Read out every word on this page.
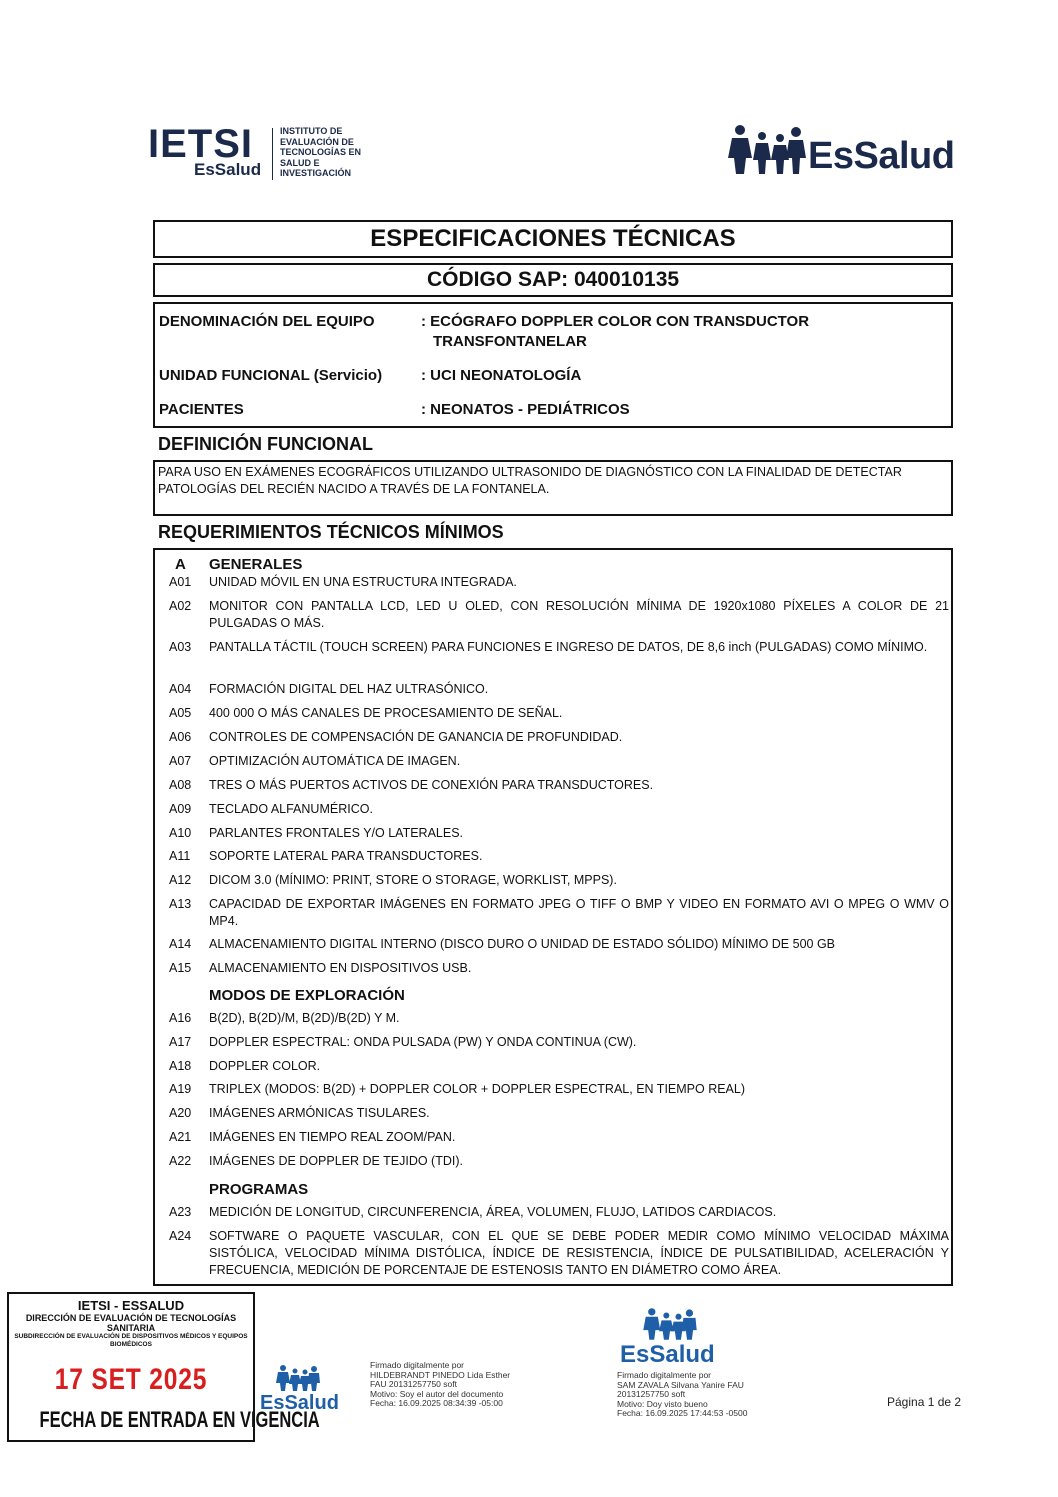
IETSI
EsSalud
INSTITUTO DE
EVALUACIÓN DE
TECNOLOGÍAS EN
SALUD E
INVESTIGACIÓN	EsSalud
ESPECIFICACIONES TÉCNICAS
CÓDIGO SAP: 040010135
DENOMINACIÓN DEL EQUIPO	: ECÓGRAFO DOPPLER COLOR CON TRANSDUCTOR
TRANSFONTANELAR
UNIDAD FUNCIONAL (Servicio)	: UCI NEONATOLOGÍA
PACIENTES	: NEONATOS - PEDIÁTRICOS
DEFINICIÓN FUNCIONAL
PARA USO EN EXÁMENES ECOGRÁFICOS UTILIZANDO ULTRASONIDO DE DIAGNÓSTICO CON LA FINALIDAD DE DETECTAR PATOLOGÍAS DEL RECIÉN NACIDO A TRAVÉS DE LA FONTANELA.
REQUERIMIENTOS TÉCNICOS MÍNIMOS
A GENERALES
A01	UNIDAD MÓVIL EN UNA ESTRUCTURA INTEGRADA.
A02	MONITOR CON PANTALLA LCD, LED U OLED, CON RESOLUCIÓN MÍNIMA DE 1920x1080 PÍXELES A COLOR DE 21 PULGADAS O MÁS.
A03	PANTALLA TÁCTIL (TOUCH SCREEN) PARA FUNCIONES E INGRESO DE DATOS, DE 8,6 inch (PULGADAS) COMO MÍNIMO.
A04	FORMACIÓN DIGITAL DEL HAZ ULTRASÓNICO.
A05	400 000 O MÁS CANALES DE PROCESAMIENTO DE SEÑAL.
A06	CONTROLES DE COMPENSACIÓN DE GANANCIA DE PROFUNDIDAD.
A07	OPTIMIZACIÓN AUTOMÁTICA DE IMAGEN.
A08	TRES O MÁS PUERTOS ACTIVOS DE CONEXIÓN PARA TRANSDUCTORES.
A09	TECLADO ALFANUMÉRICO.
A10	PARLANTES FRONTALES Y/O LATERALES.
A11	SOPORTE LATERAL PARA TRANSDUCTORES.
A12	DICOM 3.0 (MÍNIMO: PRINT, STORE O STORAGE, WORKLIST, MPPS).
A13	CAPACIDAD DE EXPORTAR IMÁGENES EN FORMATO JPEG O TIFF O BMP Y VIDEO EN FORMATO AVI O MPEG O WMV O MP4.
A14	ALMACENAMIENTO DIGITAL INTERNO (DISCO DURO O UNIDAD DE ESTADO SÓLIDO) MÍNIMO DE 500 GB
A15	ALMACENAMIENTO EN DISPOSITIVOS USB.
A16	B(2D), B(2D)/M, B(2D)/B(2D) Y M.
A17	DOPPLER ESPECTRAL: ONDA PULSADA (PW) Y ONDA CONTINUA (CW).
A18	DOPPLER COLOR.
A19	TRIPLEX (MODOS: B(2D) + DOPPLER COLOR + DOPPLER ESPECTRAL, EN TIEMPO REAL)
A20	IMÁGENES ARMÓNICAS TISULARES.
A21	IMÁGENES EN TIEMPO REAL ZOOM/PAN.
A22	IMÁGENES DE DOPPLER DE TEJIDO (TDI).
A23	MEDICIÓN DE LONGITUD, CIRCUNFERENCIA, ÁREA, VOLUMEN, FLUJO, LATIDOS CARDIACOS.
A24	SOFTWARE O PAQUETE VASCULAR, CON EL QUE SE DEBE PODER MEDIR COMO MÍNIMO VELOCIDAD MÁXIMA SISTÓLICA, VELOCIDAD MÍNIMA DISTÓLICA, ÍNDICE DE RESISTENCIA, ÍNDICE DE PULSATIBILIDAD, ACELERACIÓN Y FRECUENCIA, MEDICIÓN DE PORCENTAJE DE ESTENOSIS TANTO EN DIÁMETRO COMO ÁREA.
MODOS DE EXPLORACIÓN
PROGRAMAS
IETSI - ESSALUD
DIRECCIÓN DE EVALUACIÓN DE TECNOLOGÍAS SANITARIA
SUBDIRECCIÓN DE EVALUACIÓN DE DISPOSITIVOS MÉDICOS Y EQUIPOS BIOMÉDICOS
17 SET 2025
FECHA DE ENTRADA EN VIGENCIA
EsSalud
Firmado digitalmente por
HILDEBRANDT PINEDO Lida Esther
FAU 20131257750 soft
Motivo: Soy el autor del documento
Fecha: 16.09.2025 08:34:39 -05:00
EsSalud
Firmado digitalmente por
SAM ZAVALA Silvana Yanire FAU
20131257750 soft
Motivo: Doy visto bueno
Fecha: 16.09.2025 17:44:53 -0500
Página 1 de 2
